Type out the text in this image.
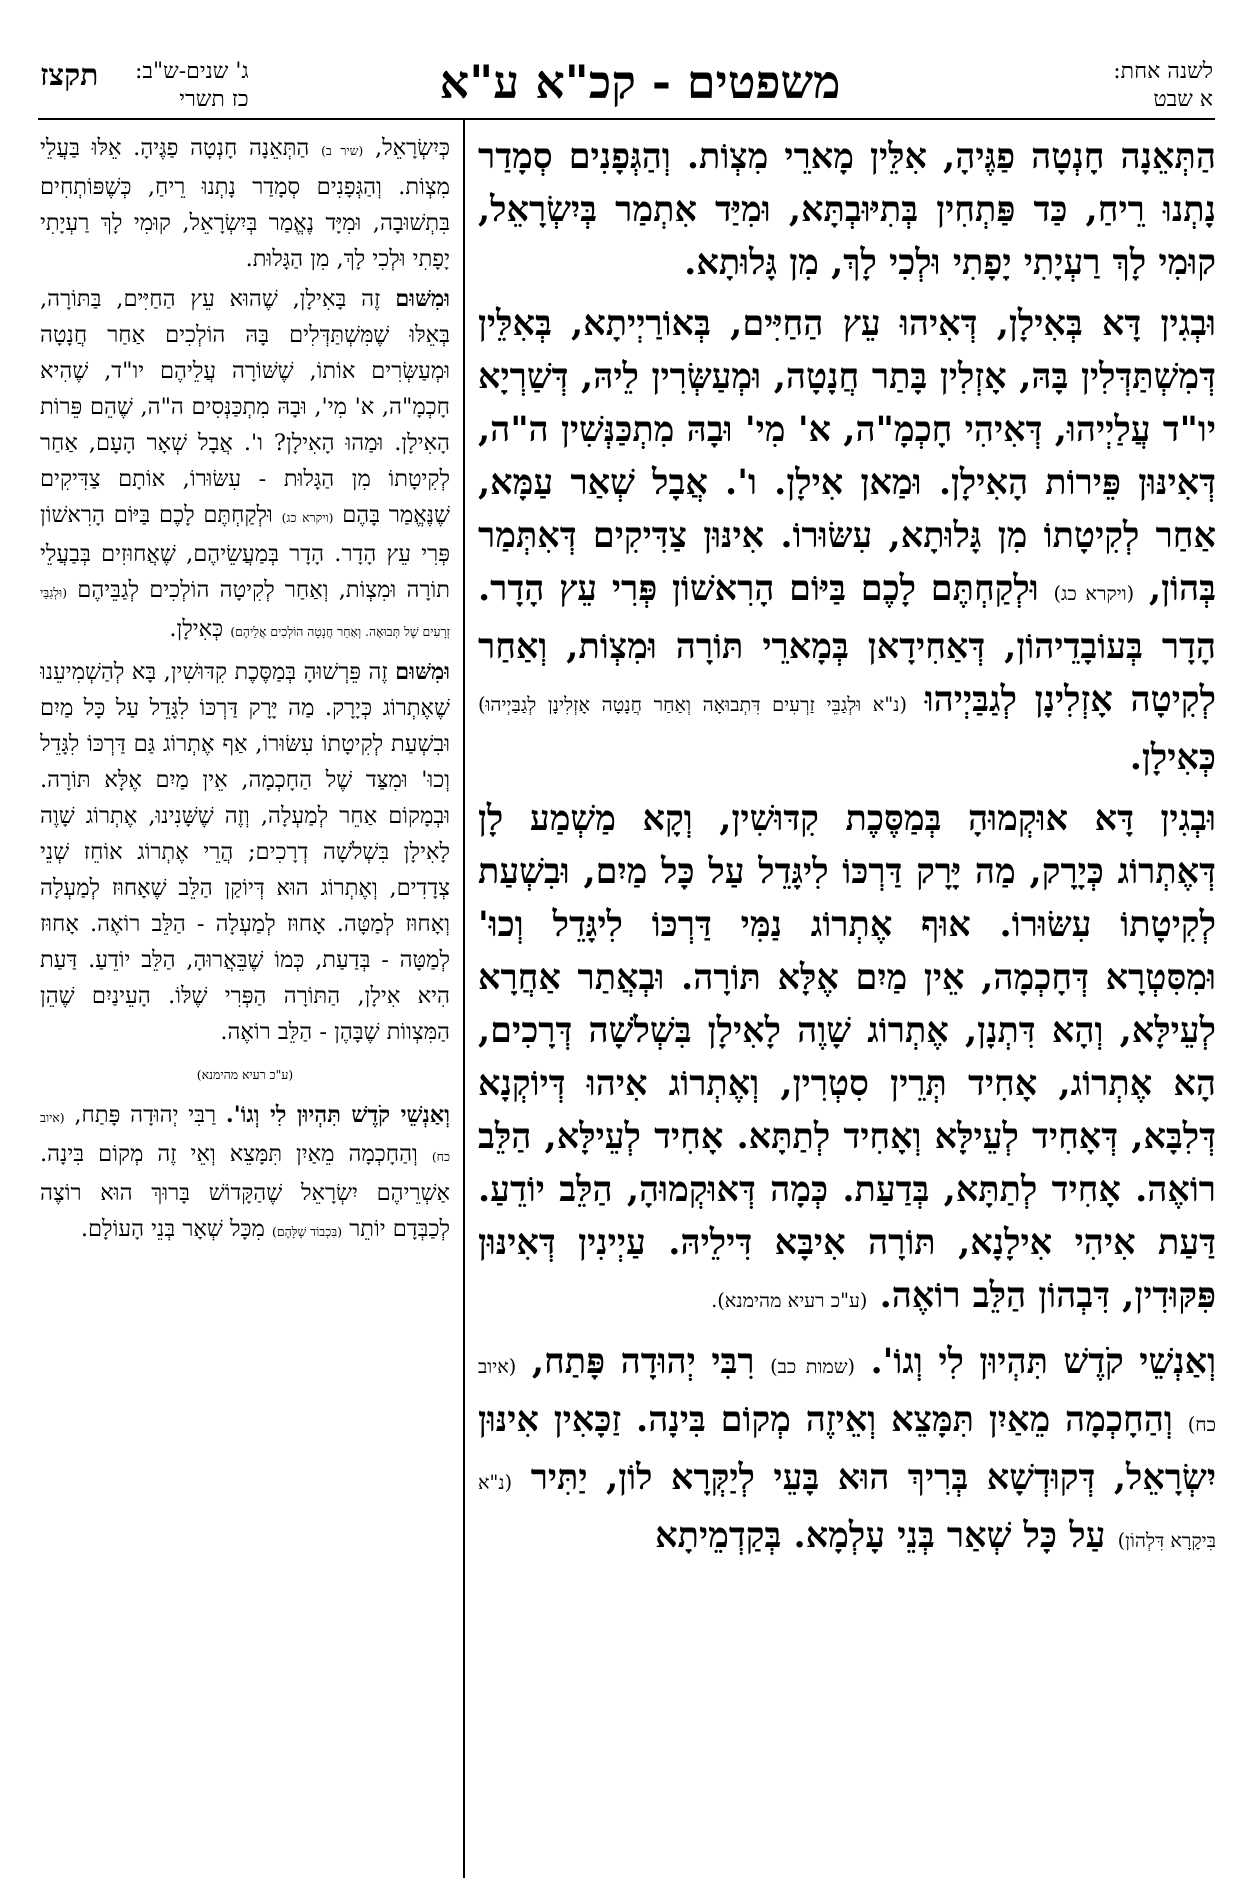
תקצז ג' שנים-ש"ב:
כז תשרי	משפטים - קכ"א ע"א	לשנה אחת:
א שבט

הַתְּאֵנָה חָנְטָה פַגֶּיהָ, אִלֵּין מָארֵי מִצְוֹת. וְהַגְּפָנִים סְמָדַר נָתְנוּ רֵיחַ, כַּד פַּתְחִין בְּתִיּוּבְתָּא, וּמִיַּד אִתְמַר בְּיִשְׂרָאֵל, קוּמִי לָךְ רַעְיָתִי יָפָתִי וּלְכִי לָךְ, מִן גָּלוּתָא.

וּבְגִין דָּא בְּאִילָן, דְּאִיהוּ עֵץ הַחַיִּים, בְּאוֹרַיְיתָא, בְּאִלֵּין דְּמִשְׁתַּדְּלִין בָּהּ, אָזְלִין בָּתַר חֲנָטָה, וּמְעַשְּׂרִין לֵיהּ, דְּשַׁרְיָא יו"ד עֲלַיְיהוּ, דְּאִיהִי חָכְמָ"ה, א' מִי' וּבָהּ מִתְכַּנְּשִׁין ה"ה, דְּאִינּוּן פֵּירוֹת הָאִילָן. וּמַאן אִילָן. ו'. אֲבָל שְׁאַר עַמָּא, אַחַר לְקִיטָתוֹ מִן גָּלוּתָא, עִשּׂוּרוֹ. אִינּוּן צַדִּיקִים דְּאִתְּמַר בְּהוֹן, (ויקרא כג) וּלְקַחְתֶּם לָכֶם בַּיּוֹם הָרִאשׁוֹן פְּרִי עֵץ הָדָר. הָדָר בְּעוֹבָדֵיהוֹן, דְּאַחִידָאן בְּמָארֵי תּוֹרָה וּמִצְוֹת, וְאַחַר לְקִיטָה אָזְלִינָן לְגַבַּיְיהוּ (נ"א וּלְגַבֵּי זַרְעִים דִּתְבוּאָה וְאַחַר חֲנָטָה אָזְלִינָן לְגַבַּיְיהוּ) כְּאִילָן.

וּבְגִין דָּא אוּקְמוּהָ בְּמַסֶּכֶת קִדּוּשִׁין, וְקָא מַשְׁמַע לָן דְּאֶתְרוֹג כְּיָרָק, מַה יָּרָק דַּרְכּוֹ לִיגָּדֵל עַל כָּל מַיִם, וּבִשְׁעַת לְקִיטָתוֹ עִשּׂוּרוֹ. אוּף אֶתְרוֹג נַמִּי דַּרְכּוֹ לִיגָּדֵל וְכוּ' וּמִסִּטְרָא דְּחָכְמָה, אֵין מַיִם אֶלָּא תּוֹרָה. וּבְאֲתַר אַחֲרָא לְעֵילָּא, וְהָא דִּתְנָן, אֶתְרוֹג שָׁוֶה לָאִילָן בִּשְׁלֹשָׁה דְּרָכִים, הָא אֶתְרוֹג, אָחִיד תְּרֵין סִטְרִין, וְאֶתְרוֹג אִיהוּ דְּיוֹקְנָא דְּלִבָּא, דְּאָחִיד לְעֵילָּא וְאָחִיד לְתַתָּא. אָחִיד לְעֵילָּא, הַלֵּב רוֹאֶה. אָחִיד לְתַתָּא, בְּדַעַת. כְּמָה דְּאוּקְמוּהָ, הַלֵּב יוֹדֵעַ. דַּעַת אִיהִי אִילָנָא, תּוֹרָה אִיבָּא דִּילֵיהּ. עַיְינִין דְּאִינּוּן פִּקּוּדִין, דִּבְהוֹן הַלֵּב רוֹאֶה. (ע"כ רעיא מהימנא).

וְאַנְשֵׁי קֹדֶשׁ תִּהְיוּן לִי וְגוֹ'. (שמות כב) רִבִּי יְהוּדָה פָּתַח, (איוב כח) וְהַחָכְמָה מֵאַיִן תִּמָּצֵא וְאֵיזֶה מְקוֹם בִּינָה. זַכָּאִין אִינּוּן יִשְׂרָאֵל, דְּקוּדְשָׁא בְּרִיךְ הוּא בָּעֵי לְיַקְּרָא לוֹן, יַתִּיר (נ"א בִּיקָרָא דִּלְהוֹן) עַל כָּל שְׁאַר בְּנֵי עָלְמָא. בְּקַדְמֵיתָא

כְּיִשְׂרָאֵל, (שיר ב) הַתְּאֵנָה חָנְטָה פַגֶּיהָ. אֵלּוּ בַּעֲלֵי מִצְוֹת. וְהַגְּפָנִים סְמָדַר נָתְנוּ רֵיחַ, כְּשֶׁפּוֹתְחִים בִּתְשׁוּבָה, וּמִיָּד נֶאֱמַר בְּיִשְׂרָאֵל, קוּמִי לָךְ רַעְיָתִי יָפָתִי וּלְכִי לָךְ, מִן הַגָּלוּת.

וּמִשּׁוּם זֶה בָּאִילָן, שֶׁהוּא עֵץ הַחַיִּים, בַּתּוֹרָה, בְּאֵלּוּ שֶׁמִּשְׁתַּדְּלִים בָּהּ הוֹלְכִים אַחַר חֲנָטָה וּמְעַשְּׂרִים אוֹתוֹ, שֶׁשּׁוֹרָה עֲלֵיהֶם יו"ד, שֶׁהִיא חָכְמָ"ה, א' מִי', וּבָהּ מִתְכַּנְּסִים ה"ה, שֶׁהֵם פֵּרוֹת הָאִילָן. וּמַהוּ הָאִילָן? ו'. אֲבָל שְׁאָר הָעָם, אַחַר לְקִיטָתוֹ מִן הַגָּלוּת - עִשּׂוּרוֹ, אוֹתָם צַדִּיקִים שֶׁנֶּאֱמַר בָּהֶם (ויקרא כג) וּלְקַחְתֶּם לָכֶם בַּיּוֹם הָרִאשׁוֹן פְּרִי עֵץ הָדָר. הָדָר בְּמַעֲשֵׂיהֶם, שֶׁאֲחוּזִים בְּבַעֲלֵי תוֹרָה וּמִצְוֹת, וְאַחַר לְקִיטָה הוֹלְכִים לְגַבֵּיהֶם (וּלְגַבֵּי זְרָעִים שֶׁל תְּבוּאָה. וְאַחַר חֲנָטָה הוֹלְכִים אֲלֵיהֶם) כְּאִילָן.

וּמִשּׁוּם זֶה פֵּרְשׁוּהָ בְּמַסֶּכֶת קִדּוּשִׁין, בָּא לְהַשְׁמִיעֵנוּ שֶׁאֶתְרוֹג כְּיָרָק. מַה יָּרָק דַּרְכּוֹ לִגָּדֵל עַל כָּל מַיִם וּבִשְׁעַת לְקִיטָתוֹ עִשּׂוּרוֹ, אַף אֶתְרוֹג גַּם דַּרְכּוֹ לִגָּדֵל וְכוּ' וּמִצַּד שֶׁל הַחָכְמָה, אֵין מַיִם אֶלָּא תּוֹרָה. וּבְמָקוֹם אַחֵר לְמַעְלָה, וְזֶה שֶׁשָּׁנִינוּ, אֶתְרוֹג שָׁוֶה לָאִילָן בִּשְׁלֹשָׁה דְרָכִים; הֲרֵי אֶתְרוֹג אוֹחֵז שְׁנֵי צְדָדִים, וְאֶתְרוֹג הוּא דְּיוֹקַן הַלֵּב שֶׁאָחוּז לְמַעְלָה וְאָחוּז לְמַטָּה. אָחוּז לְמַעְלָה - הַלֵּב רוֹאֶה. אָחוּז לְמַטָּה - בְּדַעַת, כְּמוֹ שֶׁבֵּאֲרוּהָ, הַלֵּב יוֹדֵעַ. דַּעַת הִיא אִילָן, הַתּוֹרָה הַפְּרִי שֶׁלּוֹ. הָעֵינַיִם שֶׁהֵן הַמִּצְווֹת שֶׁבָּהֶן - הַלֵּב רוֹאֶה.

(ע"כ רעיא מהימנא)

וְאַנְשֵׁי קֹדֶשׁ תִּהְיוּן לִי וְגוֹ'. רַבִּי יְהוּדָה פָּתַח, (איוב כח) וְהַחָכְמָה מֵאַיִן תִּמָּצֵא וְאֵי זֶה מְקוֹם בִּינָה. אַשְׁרֵיהֶם יִשְׂרָאֵל שֶׁהַקָּדוֹשׁ בָּרוּךְ הוּא רוֹצֶה לְכַבְּדָם יוֹתֵר (בִּכְבוֹד שֶׁלָּהֶם) מִכָּל שְׁאָר בְּנֵי הָעוֹלָם.
